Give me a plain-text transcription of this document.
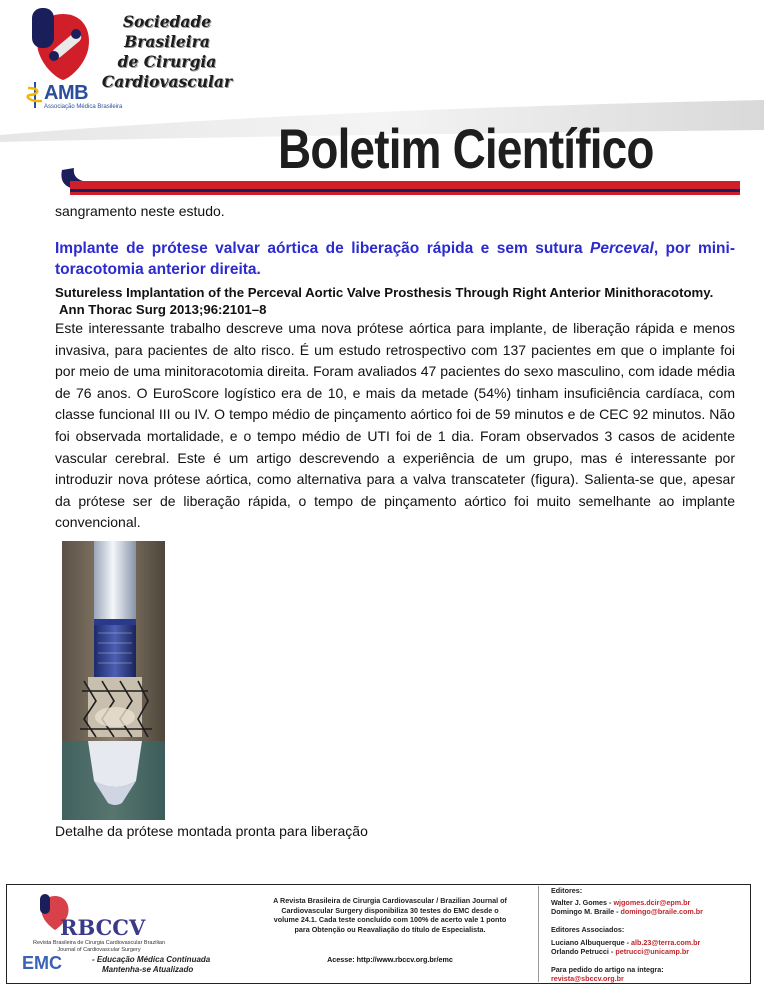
Sociedade Brasileira
de Cirurgia
Cardiovascular
AMB
Associação Médica Brasileira
Boletim Científico
sangramento neste estudo.
Implante de prótese valvar aórtica de liberação rápida e sem sutura Perceval, por mini-toracotomia anterior direita.
Sutureless Implantation of the Perceval Aortic Valve Prosthesis Through Right Anterior Minithoracotomy.
Ann Thorac Surg 2013;96:2101–8
Este interessante trabalho descreve uma nova prótese aórtica para implante, de liberação rápida e menos invasiva, para pacientes de alto risco. É um estudo retrospectivo com 137 pacientes em que o implante foi por meio de uma minitoracotomia direita. Foram avaliados 47 pacientes do sexo masculino, com idade média de 76 anos. O EuroScore logístico era de 10, e mais da metade (54%) tinham insuficiência cardíaca, com classe funcional III ou IV. O tempo médio de pinçamento aórtico foi de 59 minutos e de CEC 92 minutos. Não foi observada mortalidade, e o tempo médio de UTI foi de 1 dia. Foram observados 3 casos de acidente vascular cerebral. Este é um artigo descrevendo a experiência de um grupo, mas é interessante por introduzir nova prótese aórtica, como alternativa para a valva transcateter (figura). Salienta-se que, apesar da prótese ser de liberação rápida, o tempo de pinçamento aórtico foi muito semelhante ao implante convencional.
Detalhe da prótese montada pronta para liberação
RBCCV
Revista Brasileira de Cirurgia Cardiovascular Brazilian Journal of Cardiovascular Surgery
EMC	- Educação Médica Continuada
Mantenha-se Atualizado
A Revista Brasileira de Cirurgia Cardiovascular / Brazilian Journal of Cardiovascular Surgery disponibiliza 30 testes do EMC desde o volume 24.1. Cada teste concluído com 100% de acerto vale 1 ponto para Obtenção ou Reavaliação do título de Especialista.
Acesse: http://www.rbccv.org.br/emc
Editores:
Walter J. Gomes - wjgomes.dcir@epm.br
Domingo M. Braile - domingo@braile.com.br
Editores Associados:
Luciano Albuquerque - alb.23@terra.com.br
Orlando Petrucci - petrucci@unicamp.br
Para pedido do artigo na íntegra:
revista@sbccv.org.br
